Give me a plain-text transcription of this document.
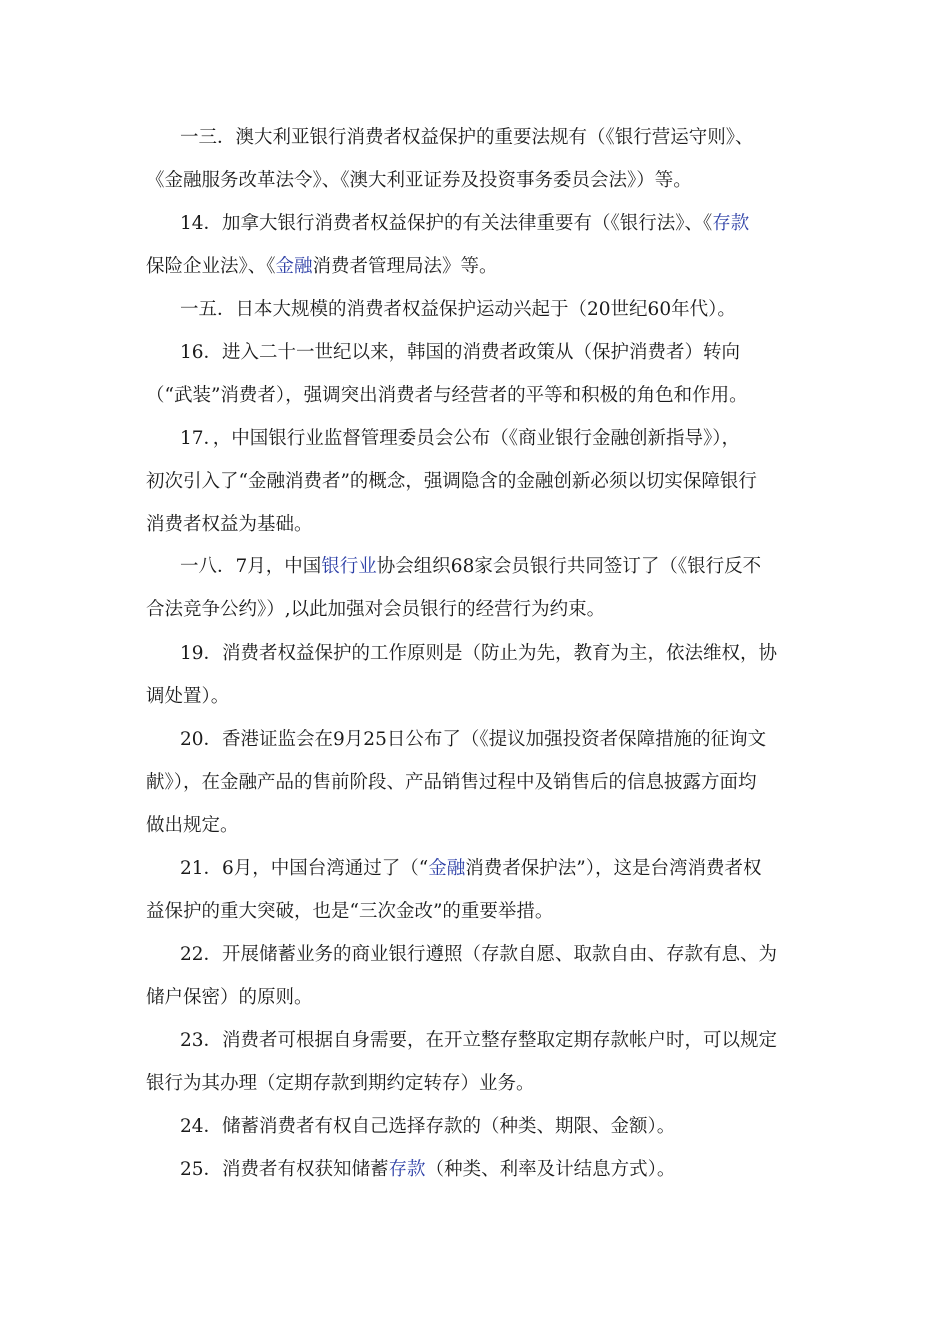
一三．澳大利亚银行消费者权益保护的重要法规有（《银行营运守则》、
《金融服务改革法令》、《澳大利亚证券及投资事务委员会法》）等。
14．加拿大银行消费者权益保护的有关法律重要有（《银行法》、《存款
保险企业法》、《金融消费者管理局法》等。
一五．日本大规模的消费者权益保护运动兴起于（20世纪60年代）。
16．进入二十一世纪以来，韩国的消费者政策从（保护消费者）转向
（“武装”消费者），强调突出消费者与经营者的平等和积极的角色和作用。
17．，中国银行业监督管理委员会公布（《商业银行金融创新指导》），
初次引入了“金融消费者”的概念，强调隐含的金融创新必须以切实保障银行
消费者权益为基础。
一八．7月，中国银行业协会组织68家会员银行共同签订了（《银行反不
合法竞争公约》）,以此加强对会员银行的经营行为约束。
19．消费者权益保护的工作原则是（防止为先，教育为主，依法维权，协
调处置）。
20．香港证监会在9月25日公布了（《提议加强投资者保障措施的征询文
献》），在金融产品的售前阶段、产品销售过程中及销售后的信息披露方面均
做出规定。
21．6月，中国台湾通过了（“金融消费者保护法”），这是台湾消费者权
益保护的重大突破，也是“三次金改”的重要举措。
22．开展储蓄业务的商业银行遵照（存款自愿、取款自由、存款有息、为
储户保密）的原则。
23．消费者可根据自身需要，在开立整存整取定期存款帐户时，可以规定
银行为其办理（定期存款到期约定转存）业务。
24．储蓄消费者有权自己选择存款的（种类、期限、金额）。
25．消费者有权获知储蓄存款（种类、利率及计结息方式）。
